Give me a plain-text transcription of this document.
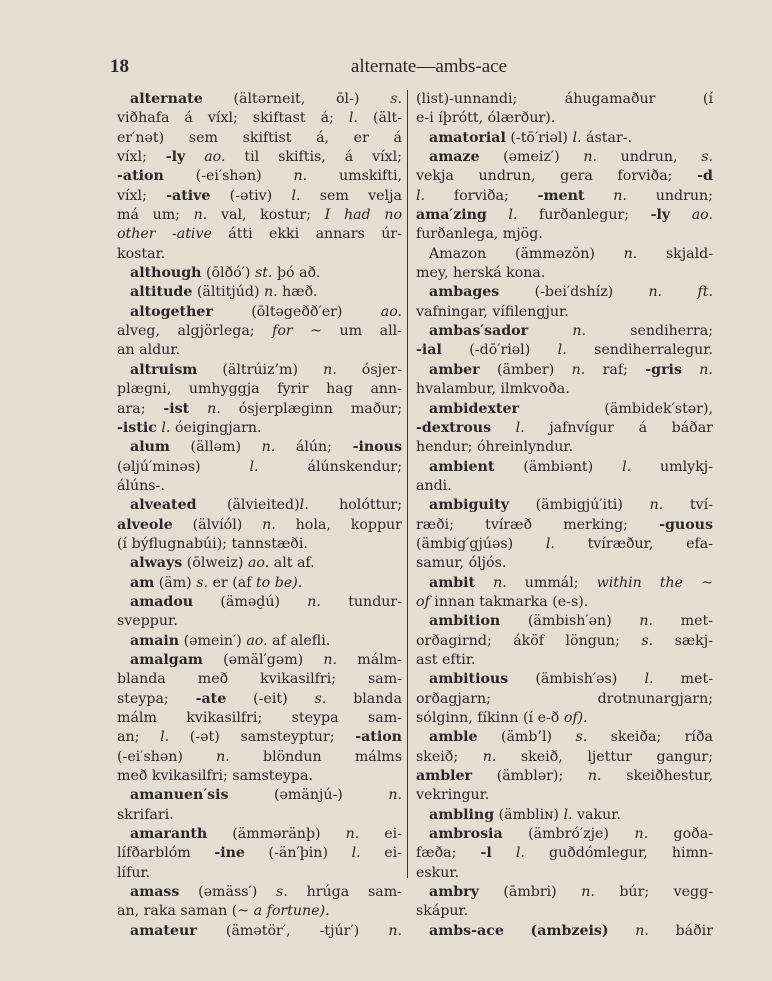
18	alternate—ambs-ace
alternate (ältərneit, ōl-) s.
viðhafa á víxl; skiftast á; l. (ält-
er′nət) sem skiftist á, er á
víxl; -ly ao. til skiftis, á víxl;
-ation (-ei′shən) n. umskifti,
víxl; -ative (-ətiv) l. sem velja
má um; n. val, kostur; I had no
other -ative átti ekki annars úr-
kostar.
although (ōlðó′) st. þó að.
altitude (ältitjúd) n. hæð.
altogether	(ōltəgeðð′er)	ao.
alveg, algjörlega; for ~ um all-
an aldur.
altruism (ältrúiz’m) n. ósjer-
plægni, umhyggja fyrir hag ann-
ara; -ist n. ósjerplæginn maður;
-istic l. óeigingjarn.
alum (älləm) n. álún; -inous
(əljú′minəs)	l.	álúnskendur;
álúns-.
alveated (älvieited)l. holóttur;
alveole (älvíól) n. hola, koppur
(í býflugnabúi); tannstæði.
always (ōlweiz) ao. alt af.
am (äm) s. er (af to be).
amadou (äməd̮ú) n. tundur-
sveppur.
amain (əmein′) ao. af alefli.
amalgam (əmäl′gəm) n. málm-
blanda með kvikasilfri; sam-
steypa; -ate (-eit) s. blanda
málm kvikasilfri; steypa sam-
an; l. (-ət) samsteyptur; -ation
(-ei′shən) n. blöndun málms
með kvikasilfri; samsteypa.
amanuen′sis	(əmänjú-)	n.
skrifari.
amaranth (ämməränþ) n. ei-
lífðarblóm -ine (-än′þin) l. ei-
lífur.
amass (əmäss′) s. hrúga sam-
an, raka saman (~ a fortune).
amateur (ämətör′, -tjúr′) n.
(list)-unnandi;	áhugamaður	(í
e-i íþrótt, ólærður).
amatorial (-tō′riəl) l. ástar-.
amaze (əmeiz′) n. undrun, s.
vekja undrun, gera forviða; -d
l. forviða; -ment n. undrun;
ama′zing l. furðanlegur; -ly ao.
furðanlega, mjög.
Amazon (ämməzŏn) n. skjald-
mey, herská kona.
ambages (-bei′dshíz) n. ft.
vafningar, vífilengjur.
ambas′sador	n.	sendiherra;
-ial (-dō′riəl) l. sendiherralegur.
amber (ämber) n. raf; -gris n.
hvalambur, ilmkvoða.
ambidexter	(ämbidek′stər),
-dextrous l. jafnvígur á báðar
hendur; óhreinlyndur.
ambient (ämbiənt) l. umlykj-
andi.
ambiguity (ämbigjú′iti) n. tví-
ræði; tvíræð merking; -guous
(ämbig′gjúəs) l. tvíræður, efa-
samur, óljós.
ambit n. ummál; within the ~
of innan takmarka (e-s).
ambition (ämbish′ən) n. met-
orðagirnd; áköf löngun; s. sækj-
ast eftir.
ambitious (ämbish′əs) l. met-
orðagjarn;	drotnunargjarn;
sólginn, fíkinn (í e-ð of).
amble (ämb’l) s. skeiða; ríða
skeið; n. skeið, ljettur gangur;
ambler (ämblər); n. skeiðhestur,
vekringur.
ambling (ämbliɴ) l. vakur.
ambrosia (ämbró′zje) n. goða-
fæða; -l l. guðdómlegur, himn-
eskur.
ambry (āmbri) n. búr; vegg-
skápur.
ambs-ace (ambzeis) n. báðir
